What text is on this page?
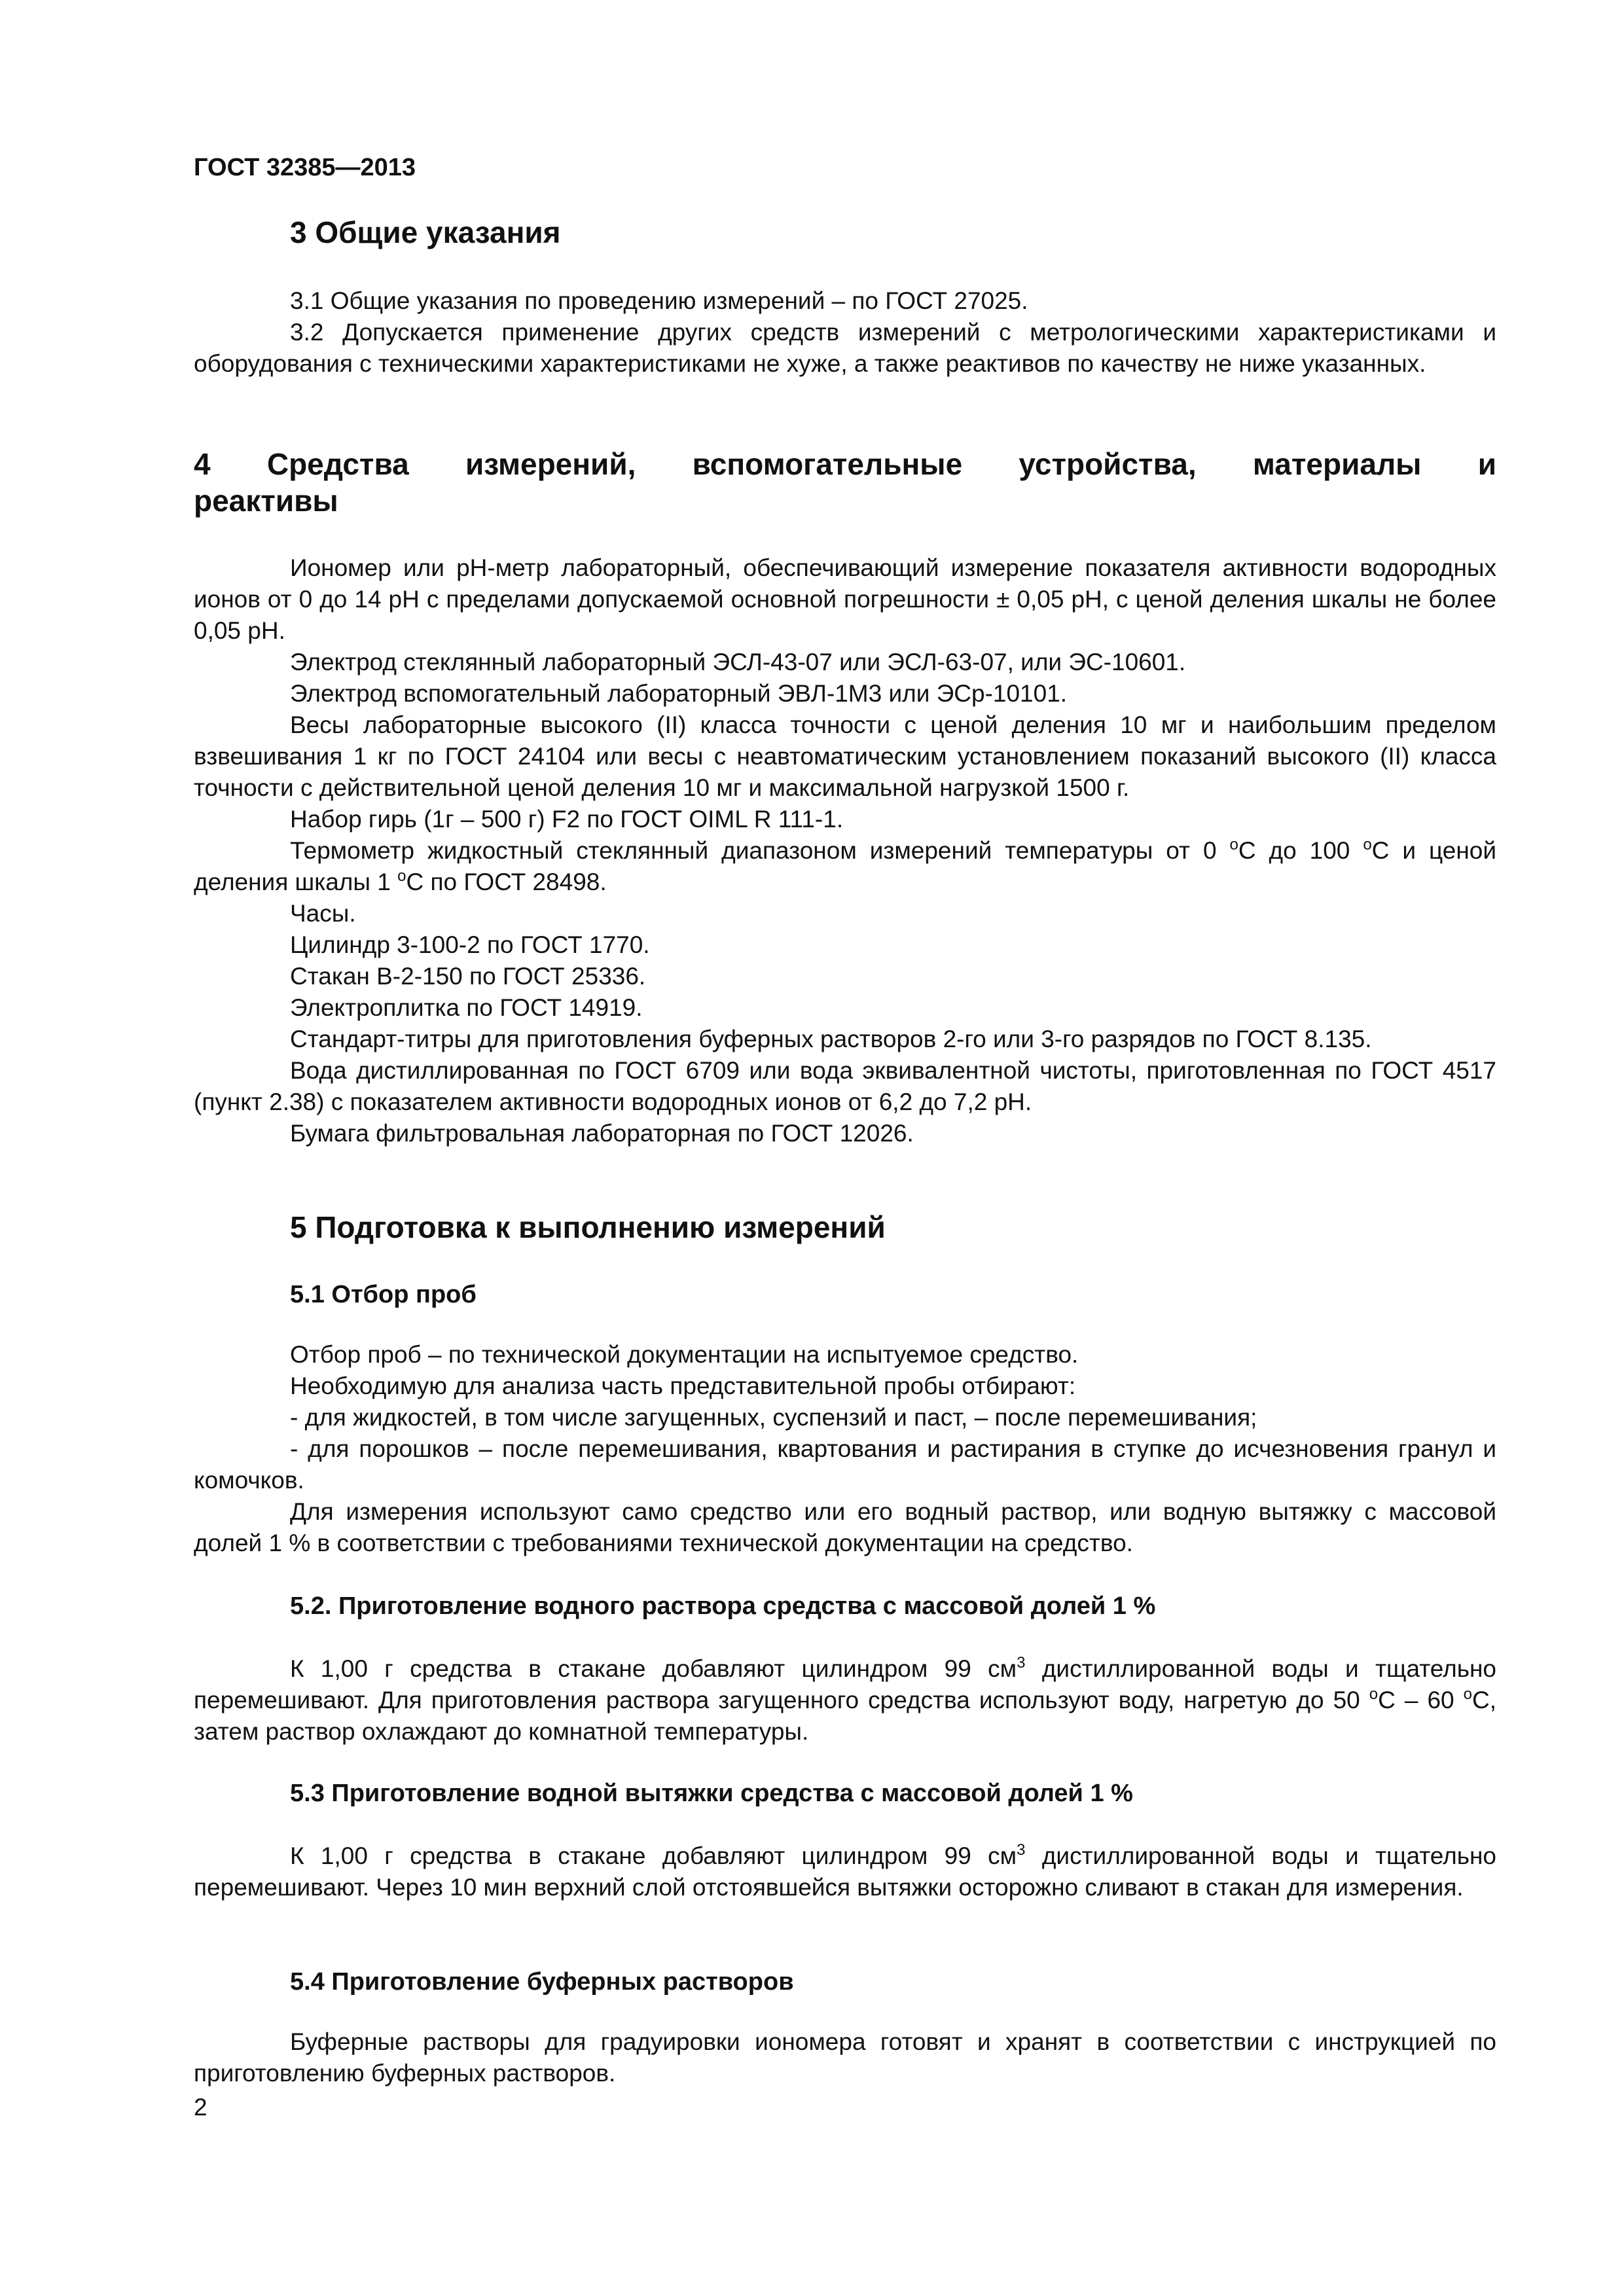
ГОСТ 32385—2013
3 Общие указания

3.1 Общие указания по проведению измерений – по ГОСТ 27025.

3.2 Допускается применение других средств измерений с метрологическими характеристиками и оборудования с техническими характеристиками не хуже, а также реактивов по качеству не ниже указанных.

4 Средства измерений, вспомогательные устройства, материалы и
реактивы

Иономер или pH-метр лабораторный, обеспечивающий измерение показателя активности водородных ионов от 0 до 14 pH с пределами допускаемой основной погрешности ± 0,05 pH, с ценой деления шкалы не более 0,05 pH.

Электрод стеклянный лабораторный ЭСЛ-43-07 или ЭСЛ-63-07, или ЭС-10601.

Электрод вспомогательный лабораторный ЭВЛ-1М3 или ЭСр-10101.

Весы лабораторные высокого (II) класса точности с ценой деления 10 мг и наибольшим пределом взвешивания 1 кг по ГОСТ 24104 или весы с неавтоматическим установлением показаний высокого (II) класса точности с действительной ценой деления 10 мг и максимальной нагрузкой 1500 г.

Набор гирь (1г – 500 г) F2 по ГОСТ OIML R 111-1.

Термометр жидкостный стеклянный диапазоном измерений температуры от 0 $^о$С до 100 $^о$С и ценой деления шкалы 1 $^о$С по ГОСТ 28498.

Часы.

Цилиндр 3-100-2 по ГОСТ 1770.

Стакан В-2-150 по ГОСТ 25336.

Электроплитка по ГОСТ 14919.

Стандарт-титры для приготовления буферных растворов 2-го или 3-го разрядов по ГОСТ 8.135.

Вода дистиллированная по ГОСТ 6709 или вода эквивалентной чистоты, приготовленная по ГОСТ 4517 (пункт 2.38) с показателем активности водородных ионов от 6,2 до 7,2 pH.

Бумага фильтровальная лабораторная по ГОСТ 12026.

5 Подготовка к выполнению измерений
5.1 Отбор проб

Отбор проб – по технической документации на испытуемое средство.

Необходимую для анализа часть представительной пробы отбирают:

- для жидкостей, в том числе загущенных, суспензий и паст, – после перемешивания;

- для порошков – после перемешивания, квартования и растирания в ступке до исчезновения гранул и комочков.

Для измерения используют само средство или его водный раствор, или водную вытяжку с массовой долей 1 % в соответствии с требованиями технической документации на средство.

5.2. Приготовление водного раствора средства с массовой долей 1 %

К 1,00 г средства в стакане добавляют цилиндром 99 $см^3$ дистиллированной воды и тщательно перемешивают. Для приготовления раствора загущенного средства используют воду, нагретую до 50 $^о$С – 60 $^о$С, затем раствор охлаждают до комнатной температуры.

5.3 Приготовление водной вытяжки средства с массовой долей 1 %

К 1,00 г средства в стакане добавляют цилиндром 99 $см^3$ дистиллированной воды и тщательно перемешивают. Через 10 мин верхний слой отстоявшейся вытяжки осторожно сливают в стакан для измерения.

5.4 Приготовление буферных растворов

Буферные растворы для градуировки иономера готовят и хранят в соответствии с инструкцией по приготовлению буферных растворов.

2
